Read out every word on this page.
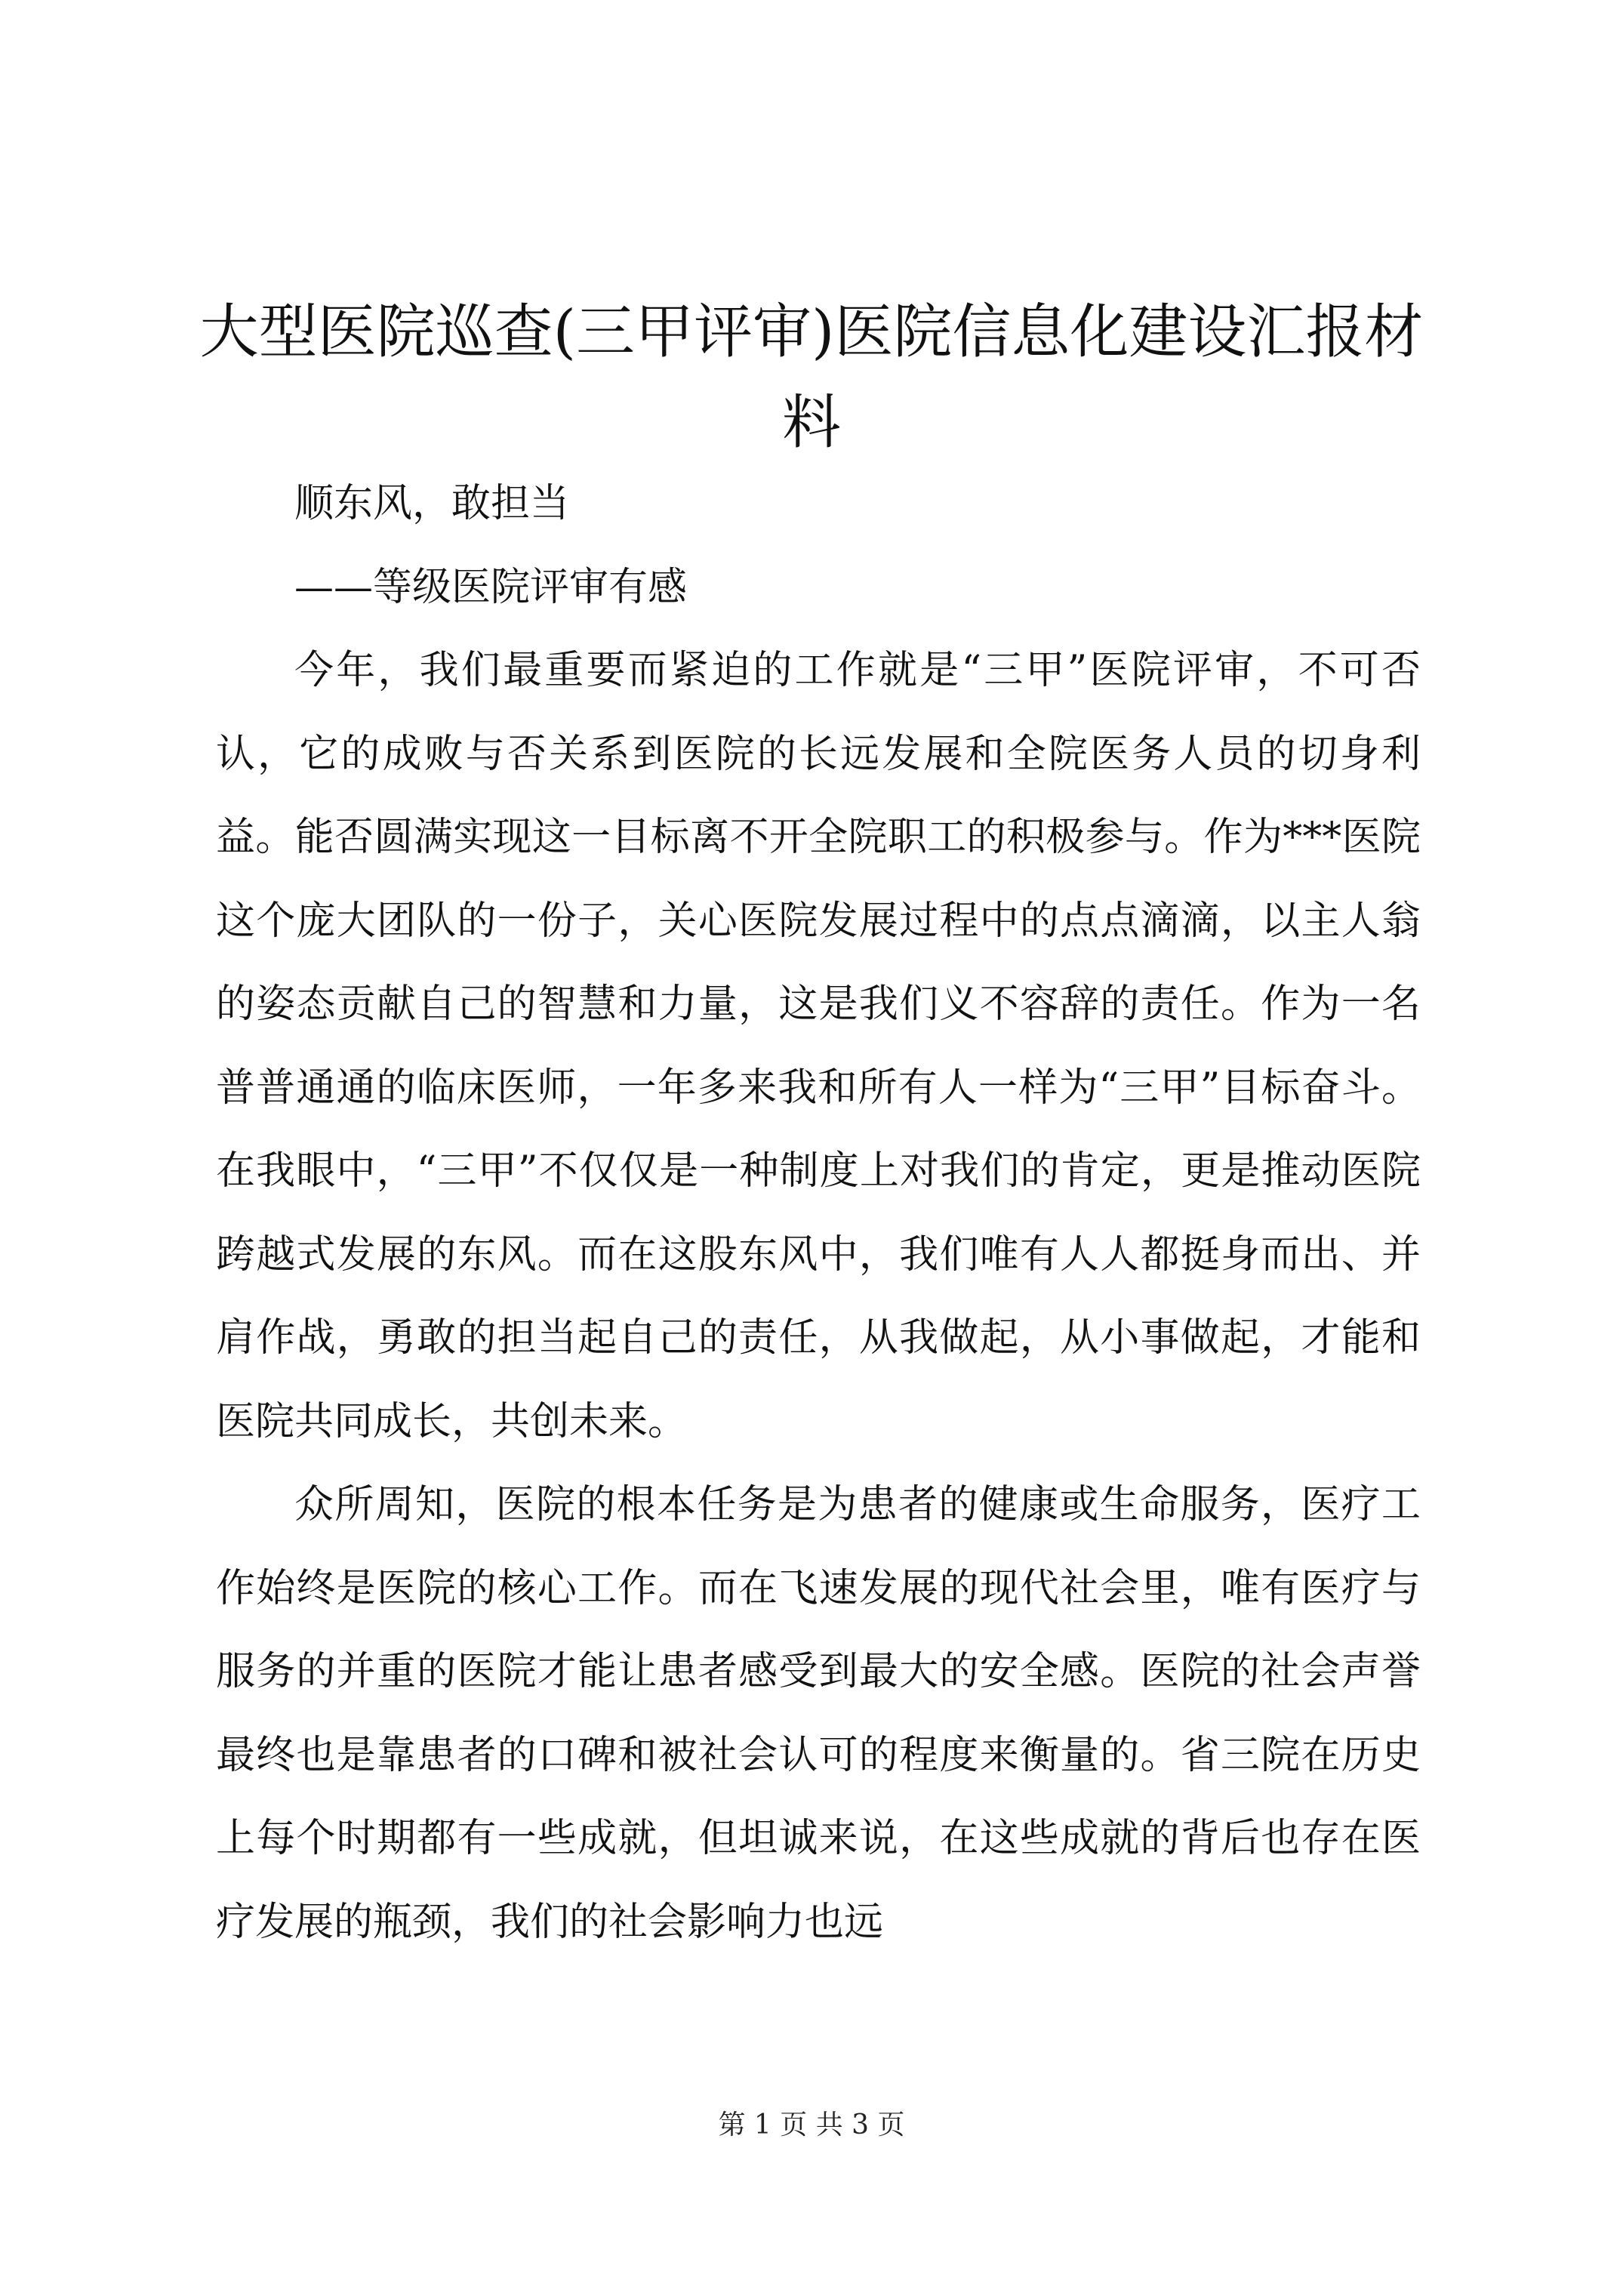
大型医院巡查(三甲评审)医院信息化建设汇报材料

顺东风，敢担当

——等级医院评审有感

今年，我们最重要而紧迫的工作就是“三甲”医院评审，不可否认，它的成败与否关系到医院的长远发展和全院医务人员的切身利益。能否圆满实现这一目标离不开全院职工的积极参与。作为***医院这个庞大团队的一份子，关心医院发展过程中的点点滴滴，以主人翁的姿态贡献自己的智慧和力量，这是我们义不容辞的责任。作为一名普普通通的临床医师，一年多来我和所有人一样为“三甲”目标奋斗。在我眼中，“三甲”不仅仅是一种制度上对我们的肯定，更是推动医院跨越式发展的东风。而在这股东风中，我们唯有人人都挺身而出、并肩作战，勇敢的担当起自己的责任，从我做起，从小事做起，才能和医院共同成长，共创未来。

众所周知，医院的根本任务是为患者的健康或生命服务，医疗工作始终是医院的核心工作。而在飞速发展的现代社会里，唯有医疗与服务的并重的医院才能让患者感受到最大的安全感。医院的社会声誉最终也是靠患者的口碑和被社会认可的程度来衡量的。省三院在历史上每个时期都有一些成就，但坦诚来说，在这些成就的背后也存在医疗发展的瓶颈，我们的社会影响力也远

第 1 页 共 3 页
